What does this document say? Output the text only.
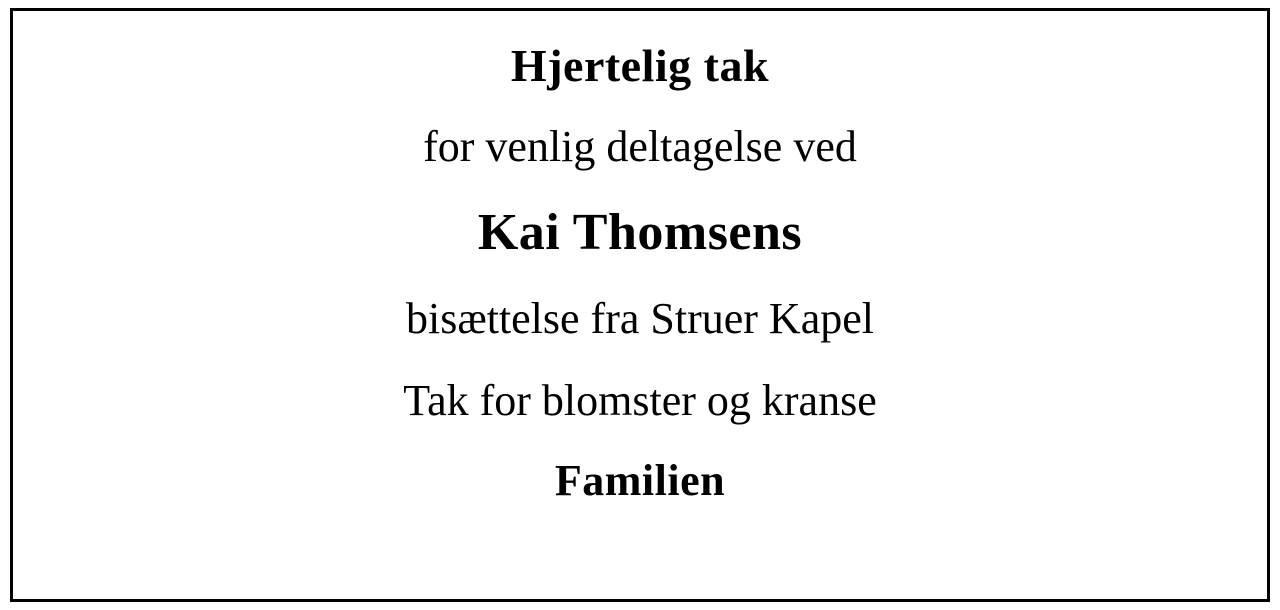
Hjertelig tak
for venlig deltagelse ved
Kai Thomsens
bisættelse fra Struer Kapel
Tak for blomster og kranse
Familien
